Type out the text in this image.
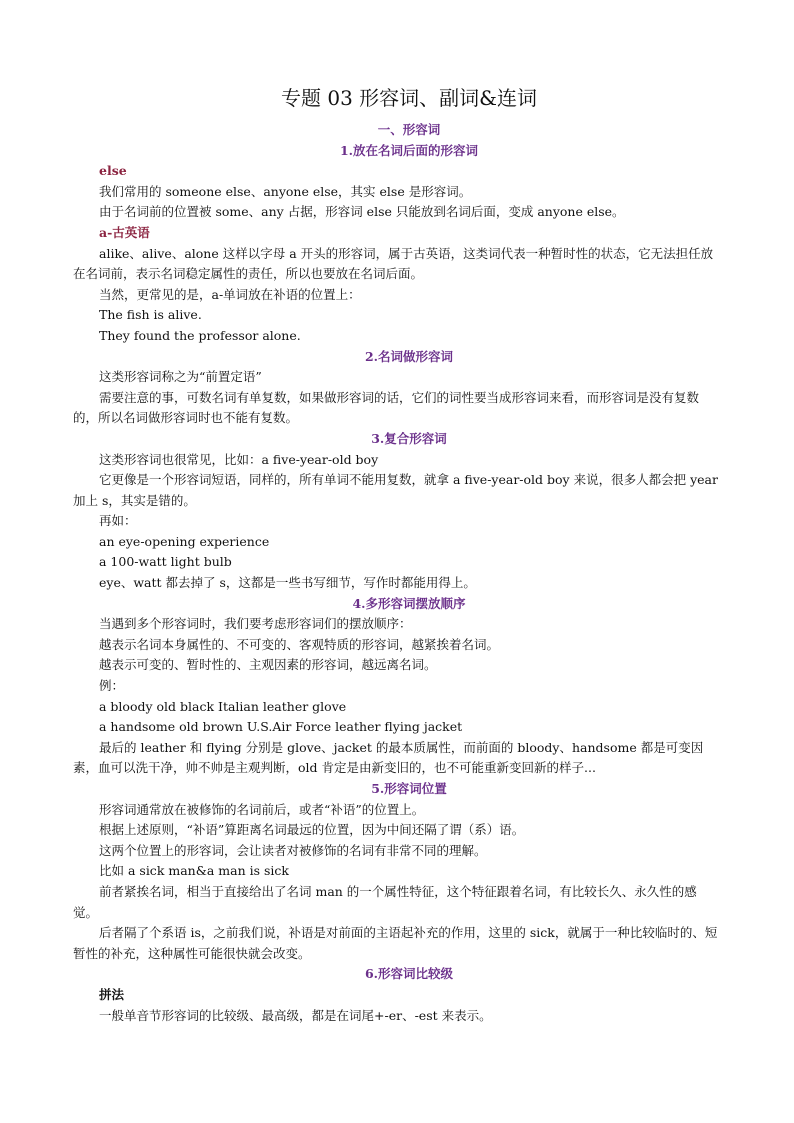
专题 03 形容词、副词&连词
一、形容词
1.放在名词后面的形容词
else

我们常用的 someone else、anyone else，其实 else 是形容词。

由于名词前的位置被 some、any 占据，形容词 else 只能放到名词后面，变成 anyone else。

a-古英语

alike、alive、alone 这样以字母 a 开头的形容词，属于古英语，这类词代表一种暂时性的状态，它无法担任放在名词前，表示名词稳定属性的责任，所以也要放在名词后面。

当然，更常见的是，a-单词放在补语的位置上：

The fish is alive.

They found the professor alone.

2.名词做形容词

这类形容词称之为“前置定语”

需要注意的事，可数名词有单复数，如果做形容词的话，它们的词性要当成形容词来看，而形容词是没有复数的，所以名词做形容词时也不能有复数。

3.复合形容词

这类形容词也很常见，比如：a five-year-old boy

它更像是一个形容词短语，同样的，所有单词不能用复数，就拿 a five-year-old boy 来说，很多人都会把 year 加上 s，其实是错的。

再如：

an eye-opening experience

a 100-watt light bulb

eye、watt 都去掉了 s，这都是一些书写细节，写作时都能用得上。

4.多形容词摆放顺序

当遇到多个形容词时，我们要考虑形容词们的摆放顺序：

越表示名词本身属性的、不可变的、客观特质的形容词，越紧挨着名词。

越表示可变的、暂时性的、主观因素的形容词，越远离名词。

例：

a bloody old black Italian leather glove

a handsome old brown U.S.Air Force leather flying jacket

最后的 leather 和 flying 分别是 glove、jacket 的最本质属性，而前面的 bloody、handsome 都是可变因素，血可以洗干净，帅不帅是主观判断，old 肯定是由新变旧的，也不可能重新变回新的样子...

5.形容词位置

形容词通常放在被修饰的名词前后，或者“补语”的位置上。

根据上述原则，“补语”算距离名词最远的位置，因为中间还隔了谓（系）语。

这两个位置上的形容词，会让读者对被修饰的名词有非常不同的理解。

比如 a sick man&a man is sick

前者紧挨名词，相当于直接给出了名词 man 的一个属性特征，这个特征跟着名词，有比较长久、永久性的感觉。

后者隔了个系语 is，之前我们说，补语是对前面的主语起补充的作用，这里的 sick，就属于一种比较临时的、短暂性的补充，这种属性可能很快就会改变。

6.形容词比较级
拼法

一般单音节形容词的比较级、最高级，都是在词尾+-er、-est 来表示。
